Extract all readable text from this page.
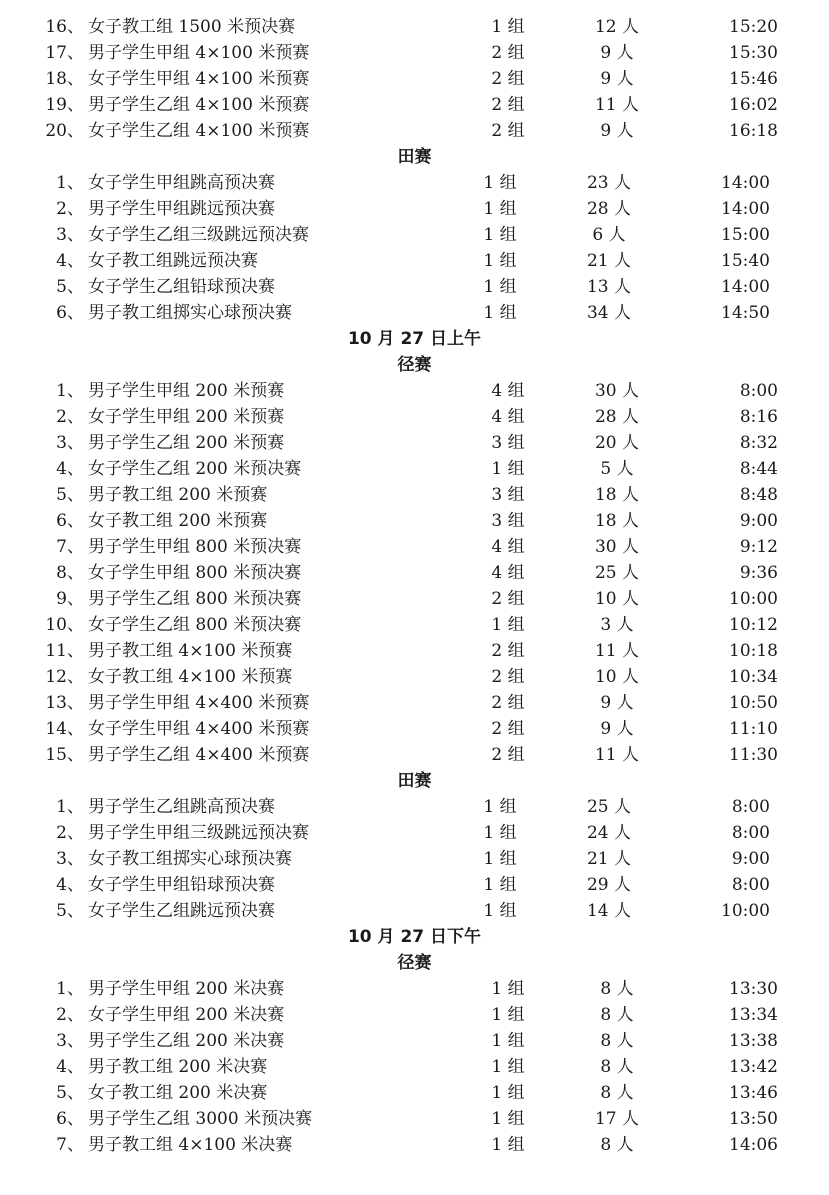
16、 女子教工组 1500 米预决赛	1 组	12 人	15:20
17、 男子学生甲组 4×100 米预赛	2 组	9 人	15:30
18、 女子学生甲组 4×100 米预赛	2 组	9 人	15:46
19、 男子学生乙组 4×100 米预赛	2 组	11 人	16:02
20、 女子学生乙组 4×100 米预赛	2 组	9 人	16:18
田赛
1、 女子学生甲组跳高预决赛	1 组	23 人	14:00
2、 男子学生甲组跳远预决赛	1 组	28 人	14:00
3、 女子学生乙组三级跳远预决赛	1 组	6 人	15:00
4、 女子教工组跳远预决赛	1 组	21 人	15:40
5、 女子学生乙组铅球预决赛	1 组	13 人	14:00
6、 男子教工组掷实心球预决赛	1 组	34 人	14:50
10 月 27 日上午
径赛
1、 男子学生甲组 200 米预赛	4 组	30 人	8:00
2、 女子学生甲组 200 米预赛	4 组	28 人	8:16
3、 男子学生乙组 200 米预赛	3 组	20 人	8:32
4、 女子学生乙组 200 米预决赛	1 组	5 人	8:44
5、 男子教工组 200 米预赛	3 组	18 人	8:48
6、 女子教工组 200 米预赛	3 组	18 人	9:00
7、 男子学生甲组 800 米预决赛	4 组	30 人	9:12
8、 女子学生甲组 800 米预决赛	4 组	25 人	9:36
9、 男子学生乙组 800 米预决赛	2 组	10 人	10:00
10、 女子学生乙组 800 米预决赛	1 组	3 人	10:12
11、 男子教工组 4×100 米预赛	2 组	11 人	10:18
12、 女子教工组 4×100 米预赛	2 组	10 人	10:34
13、 男子学生甲组 4×400 米预赛	2 组	9 人	10:50
14、 女子学生甲组 4×400 米预赛	2 组	9 人	11:10
15、 男子学生乙组 4×400 米预赛	2 组	11 人	11:30
田赛
1、 男子学生乙组跳高预决赛	1 组	25 人	8:00
2、 男子学生甲组三级跳远预决赛	1 组	24 人	8:00
3、 女子教工组掷实心球预决赛	1 组	21 人	9:00
4、 女子学生甲组铅球预决赛	1 组	29 人	8:00
5、 女子学生乙组跳远预决赛	1 组	14 人	10:00
10 月 27 日下午
径赛
1、 男子学生甲组 200 米决赛	1 组	8 人	13:30
2、 女子学生甲组 200 米决赛	1 组	8 人	13:34
3、 男子学生乙组 200 米决赛	1 组	8 人	13:38
4、 男子教工组 200 米决赛	1 组	8 人	13:42
5、 女子教工组 200 米决赛	1 组	8 人	13:46
6、 男子学生乙组 3000 米预决赛	1 组	17 人	13:50
7、 男子教工组 4×100 米决赛	1 组	8 人	14:06
